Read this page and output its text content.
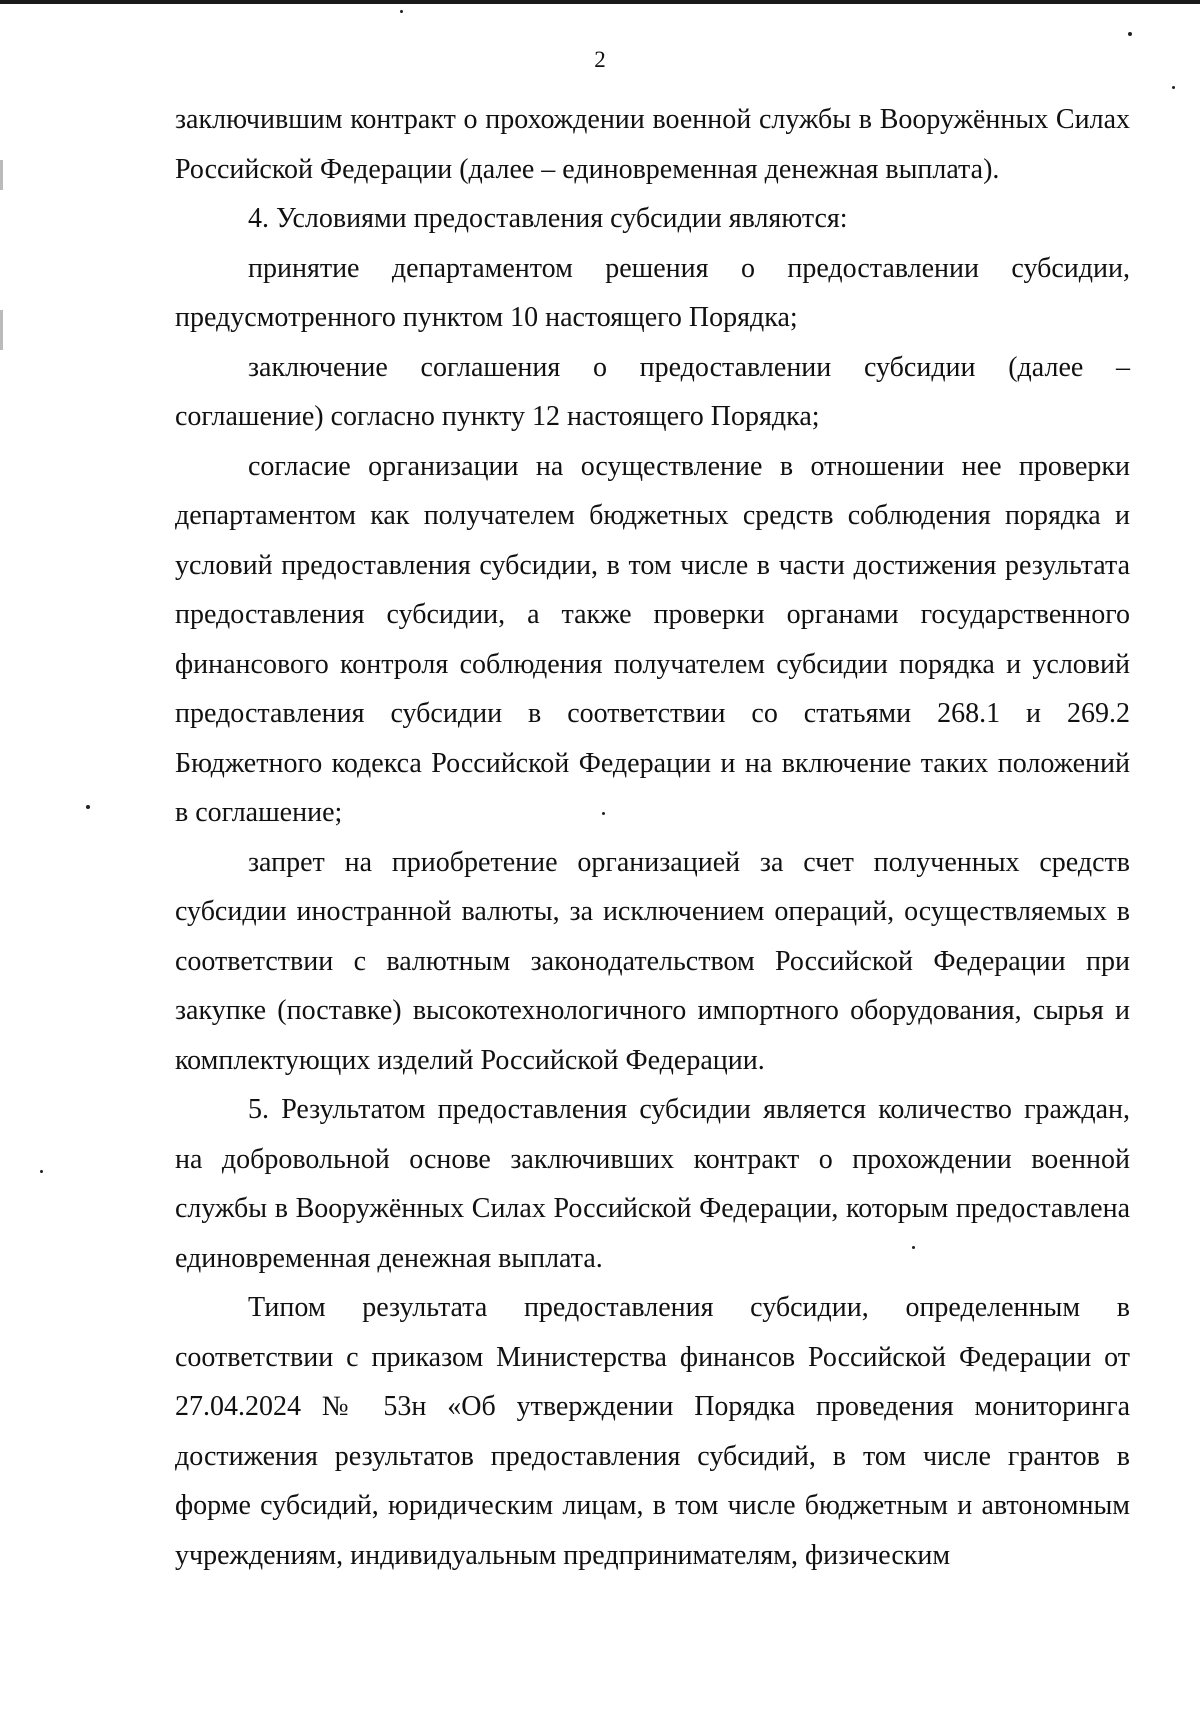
2

заключившим контракт о прохождении военной службы в Вооружённых Силах Российской Федерации (далее – единовременная денежная выплата).

4. Условиями предоставления субсидии являются:

принятие департаментом решения о предоставлении субсидии, предусмотренного пунктом 10 настоящего Порядка;

заключение соглашения о предоставлении субсидии (далее – соглашение) согласно пункту 12 настоящего Порядка;

согласие организации на осуществление в отношении нее проверки департаментом как получателем бюджетных средств соблюдения порядка и условий предоставления субсидии, в том числе в части достижения результата предоставления субсидии, а также проверки органами государственного финансового контроля соблюдения получателем субсидии порядка и условий предоставления субсидии в соответствии со статьями 268.1 и 269.2 Бюджетного кодекса Российской Федерации и на включение таких положений в соглашение;

запрет на приобретение организацией за счет полученных средств субсидии иностранной валюты, за исключением операций, осуществляемых в соответствии с валютным законодательством Российской Федерации при закупке (поставке) высокотехнологичного импортного оборудования, сырья и комплектующих изделий Российской Федерации.

5. Результатом предоставления субсидии является количество граждан, на добровольной основе заключивших контракт о прохождении военной службы в Вооружённых Силах Российской Федерации, которым предоставлена единовременная денежная выплата.

Типом результата предоставления субсидии, определенным в соответствии с приказом Министерства финансов Российской Федерации от 27.04.2024 № 53н «Об утверждении Порядка проведения мониторинга достижения результатов предоставления субсидий, в том числе грантов в форме субсидий, юридическим лицам, в том числе бюджетным и автономным учреждениям, индивидуальным предпринимателям, физическим
